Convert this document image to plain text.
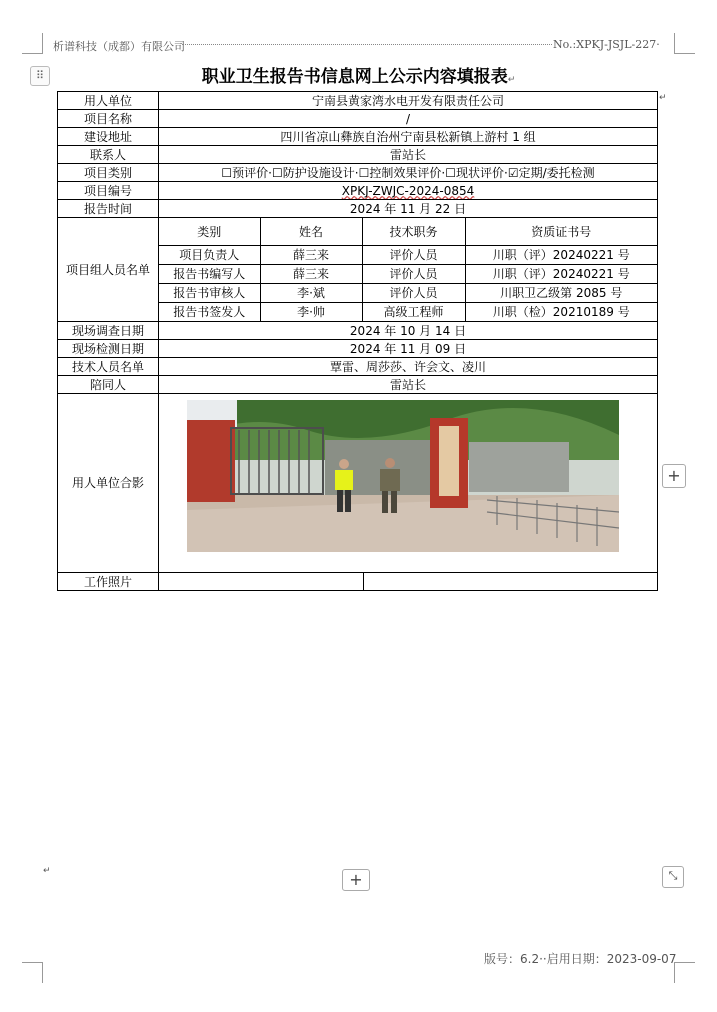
析谱科技（成都）有限公司	No.:XPKJ-JSJL-227·
⠿	职业卫生报告书信息网上公示内容填报表↵
用人单位	宁南县黄家湾水电开发有限责任公司
项目名称	/
建设地址	四川省凉山彝族自治州宁南县松新镇上游村 1 组
联系人	雷站长
项目类别	☐预评价·☐防护设施设计·☐控制效果评价·☐现状评价·☑定期/委托检测
项目编号	XPKJ-ZWJC-2024-0854
报告时间	2024 年 11 月 22 日
项目组人员名单	
类别	姓名	技术职务	资质证书号
项目负责人	薛三来	评价人员	川职（评）20240221 号
报告书编写人	薛三来	评价人员	川职（评）20240221 号
报告书审核人	李·斌	评价人员	川职卫乙级第 2085 号
报告书签发人	李·帅	高级工程师	川职（检）20210189 号

现场调查日期	2024 年 10 月 14 日
现场检测日期	2024 年 11 月 09 日
技术人员名单	覃雷、周莎莎、许会文、凌川
陪同人	雷站长
用人单位合影	

工作照片	

+
+	⤡
↵
↵
版号：6.2··启用日期：2023-09-07
